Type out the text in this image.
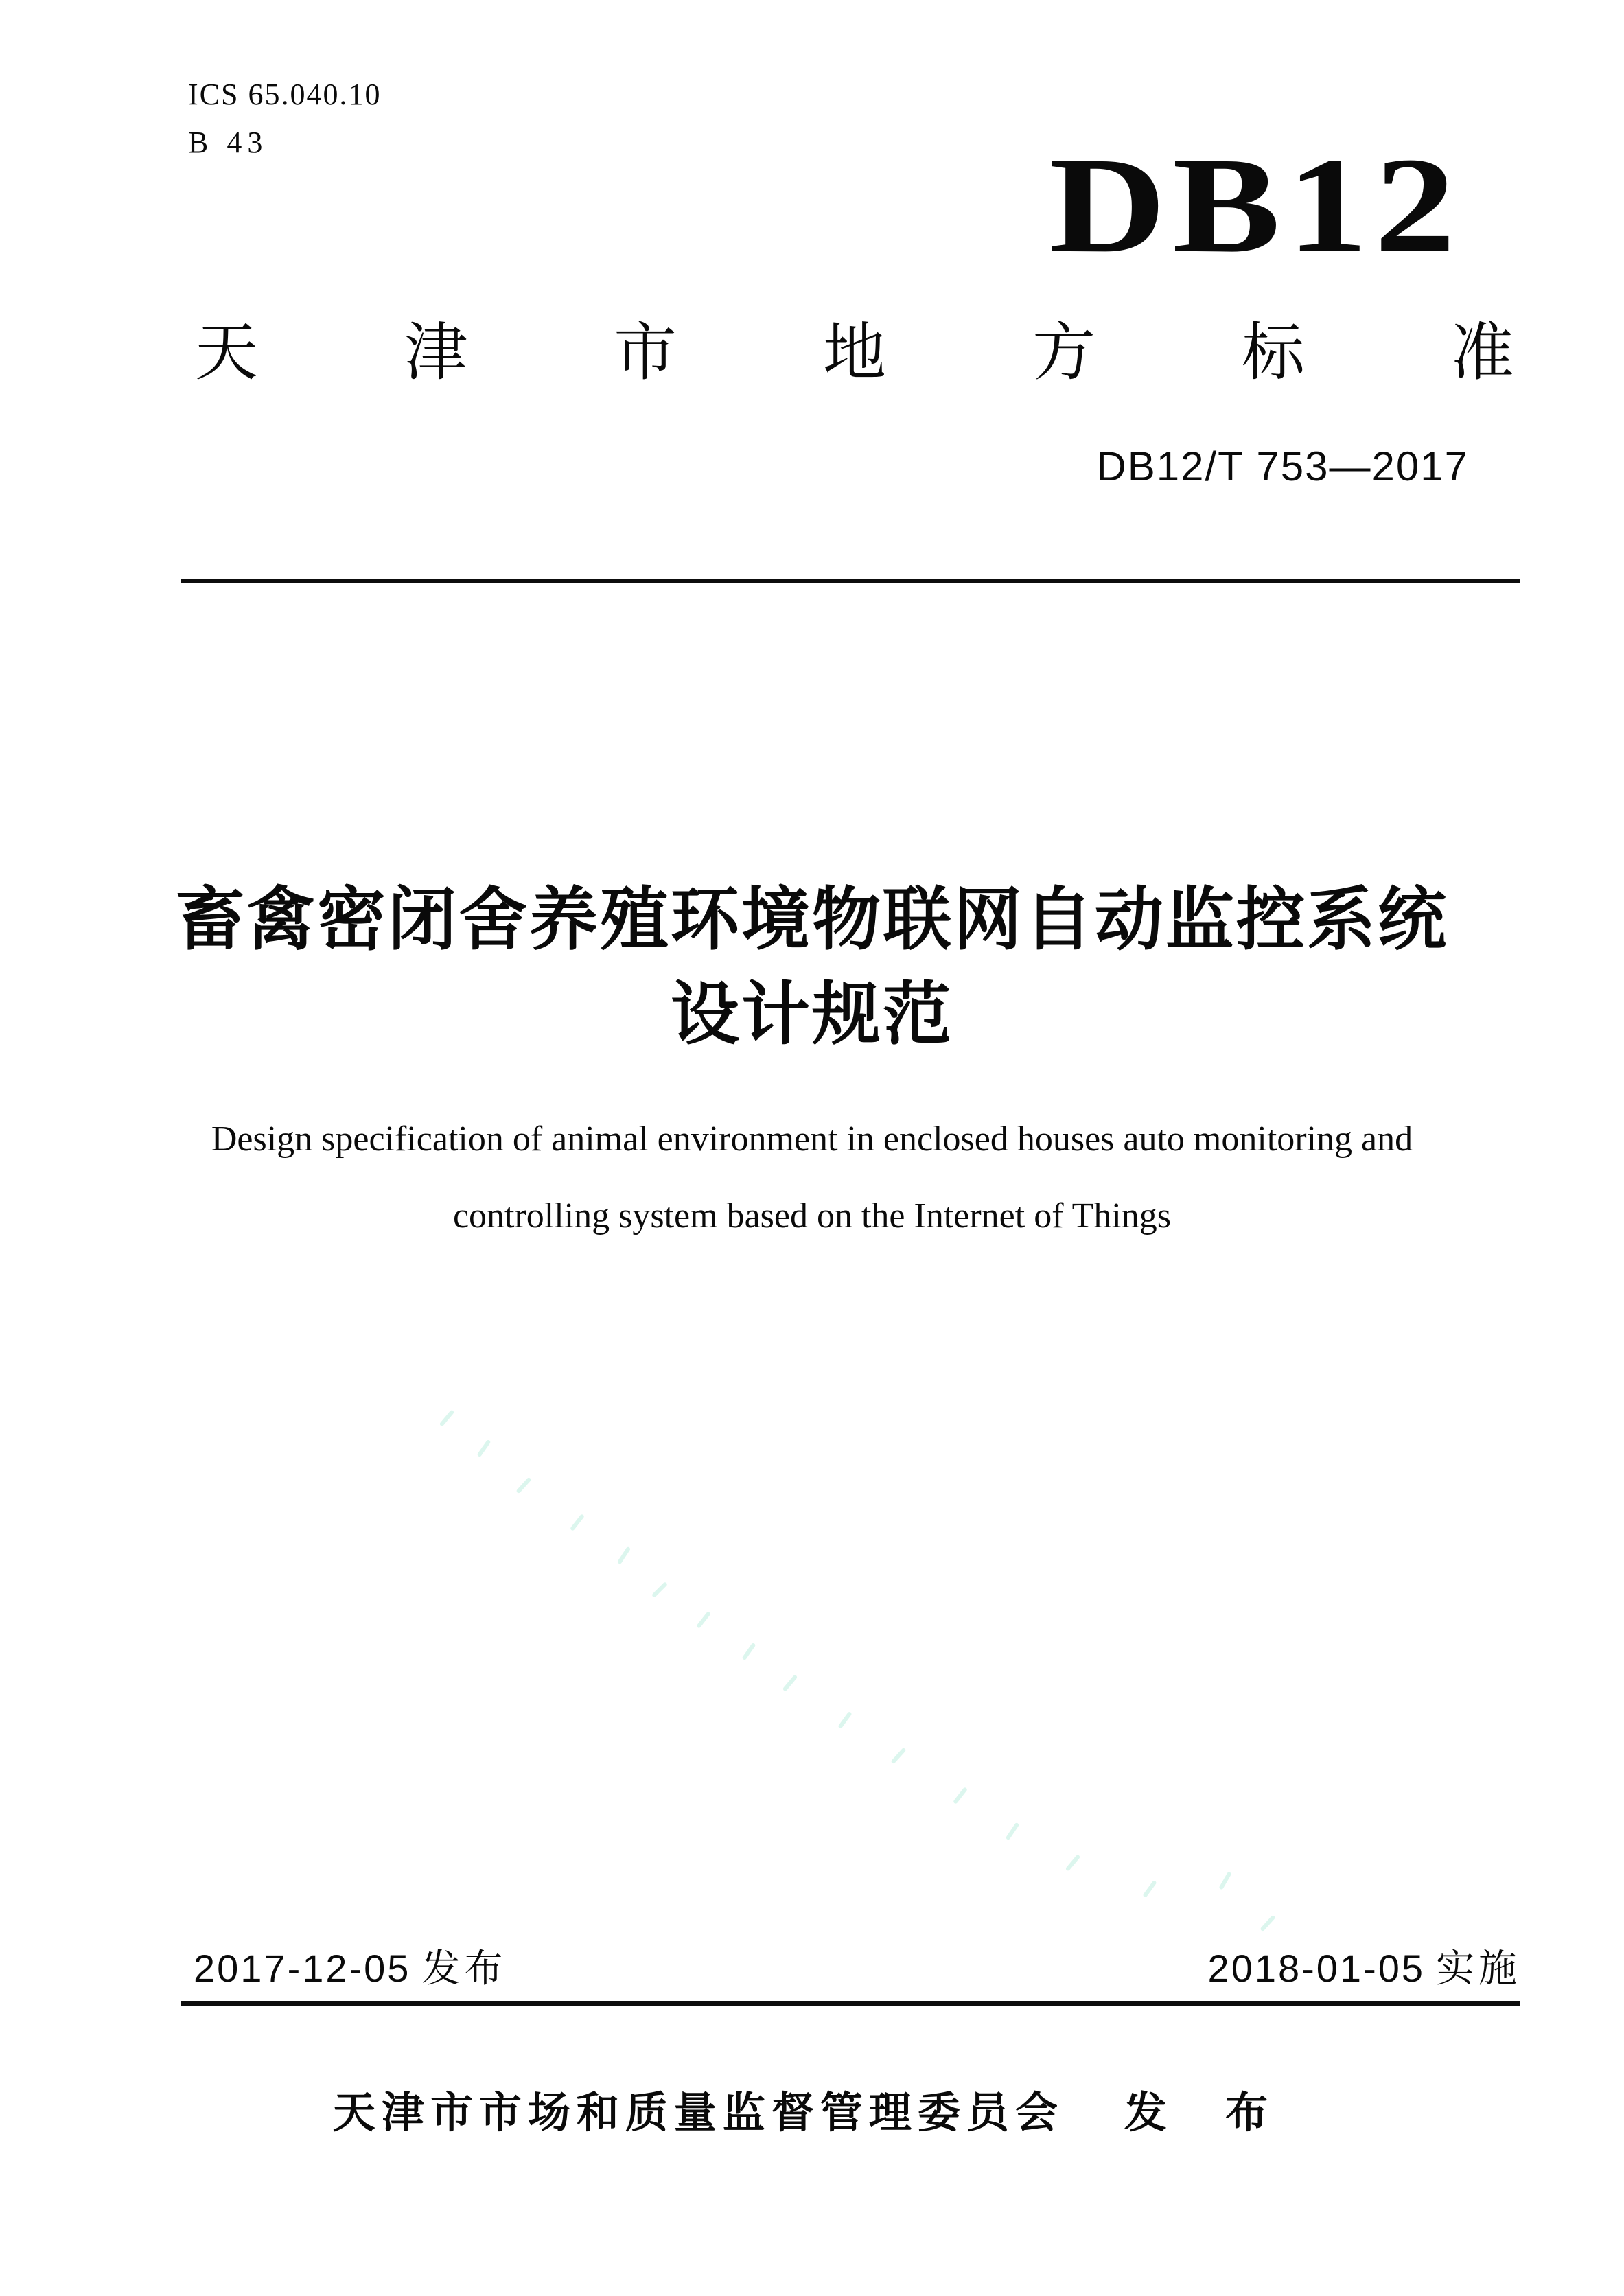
ICS 65.040.10
B 43	DB12
天 津 市 地 方 标 准
DB12/T 753—2017
畜禽密闭舍养殖环境物联网自动监控系统
设计规范
Design specification of animal environment in enclosed houses auto monitoring and
controlling system based on the Internet of Things
2017-12-05 发布	2018-01-05 实施
天津市市场和质量监督管理委员会 发 布
